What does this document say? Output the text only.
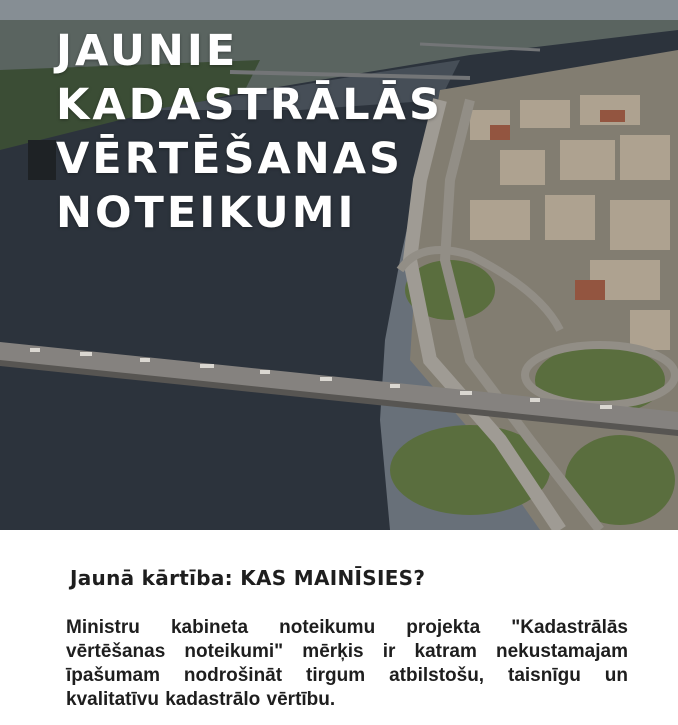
JAUNIE
KADASTRĀLĀS
VĒRTĒŠANAS
NOTEIKUMI
Jaunā kārtība: KAS MAINĪSIES?

Ministru kabineta noteikumu projekta "Kadastrālās vērtēšanas noteikumi" mērķis ir katram nekustamajam īpašumam nodrošināt tirgum atbilstošu, taisnīgu un kvalitatīvu kadastrālo vērtību.
